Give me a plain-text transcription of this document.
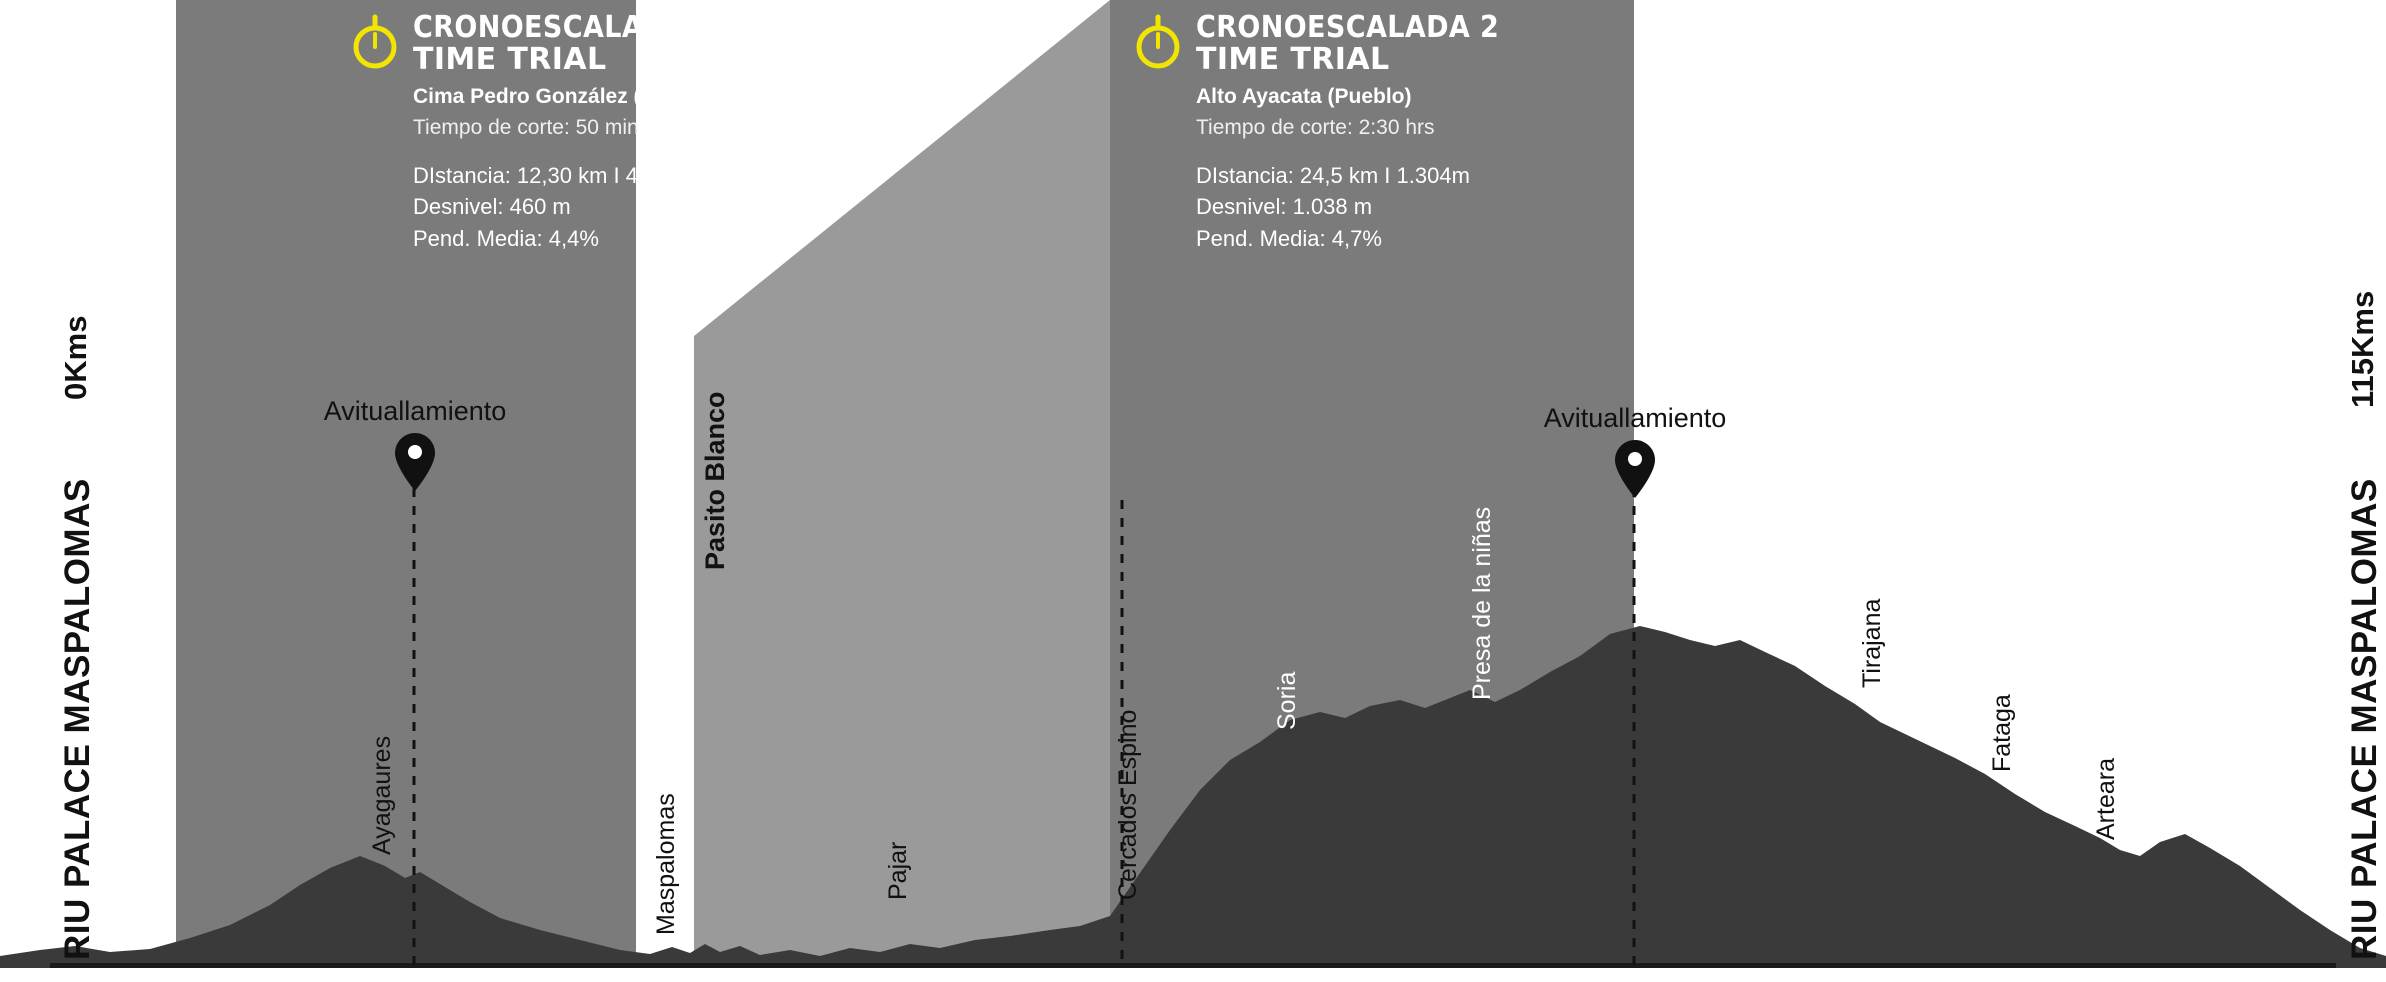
RIU PALACE MASPALOMAS
0Kms
RIU PALACE MASPALOMAS
115Kms
CRONOESCALADA 1
TIME TRIAL
Cima Pedro González (Monte León)
Tiempo de corte: 50 min
DIstancia: 12,30 km I 470m
Desnivel: 460 m
Pend. Media: 4,4%
CRONOESCALADA 2
TIME TRIAL
Alto Ayacata (Pueblo)
Tiempo de corte: 2:30 hrs
DIstancia: 24,5 km I 1.304m
Desnivel: 1.038 m
Pend. Media: 4,7%
Avituallamiento	Avituallamiento
Ayagaures	Maspalomas
Pasito Blanco
Pajar	Cercados Espino
Soria
Presa de la niñas	Ayacata
Tirajana
Fataga
Arteara
